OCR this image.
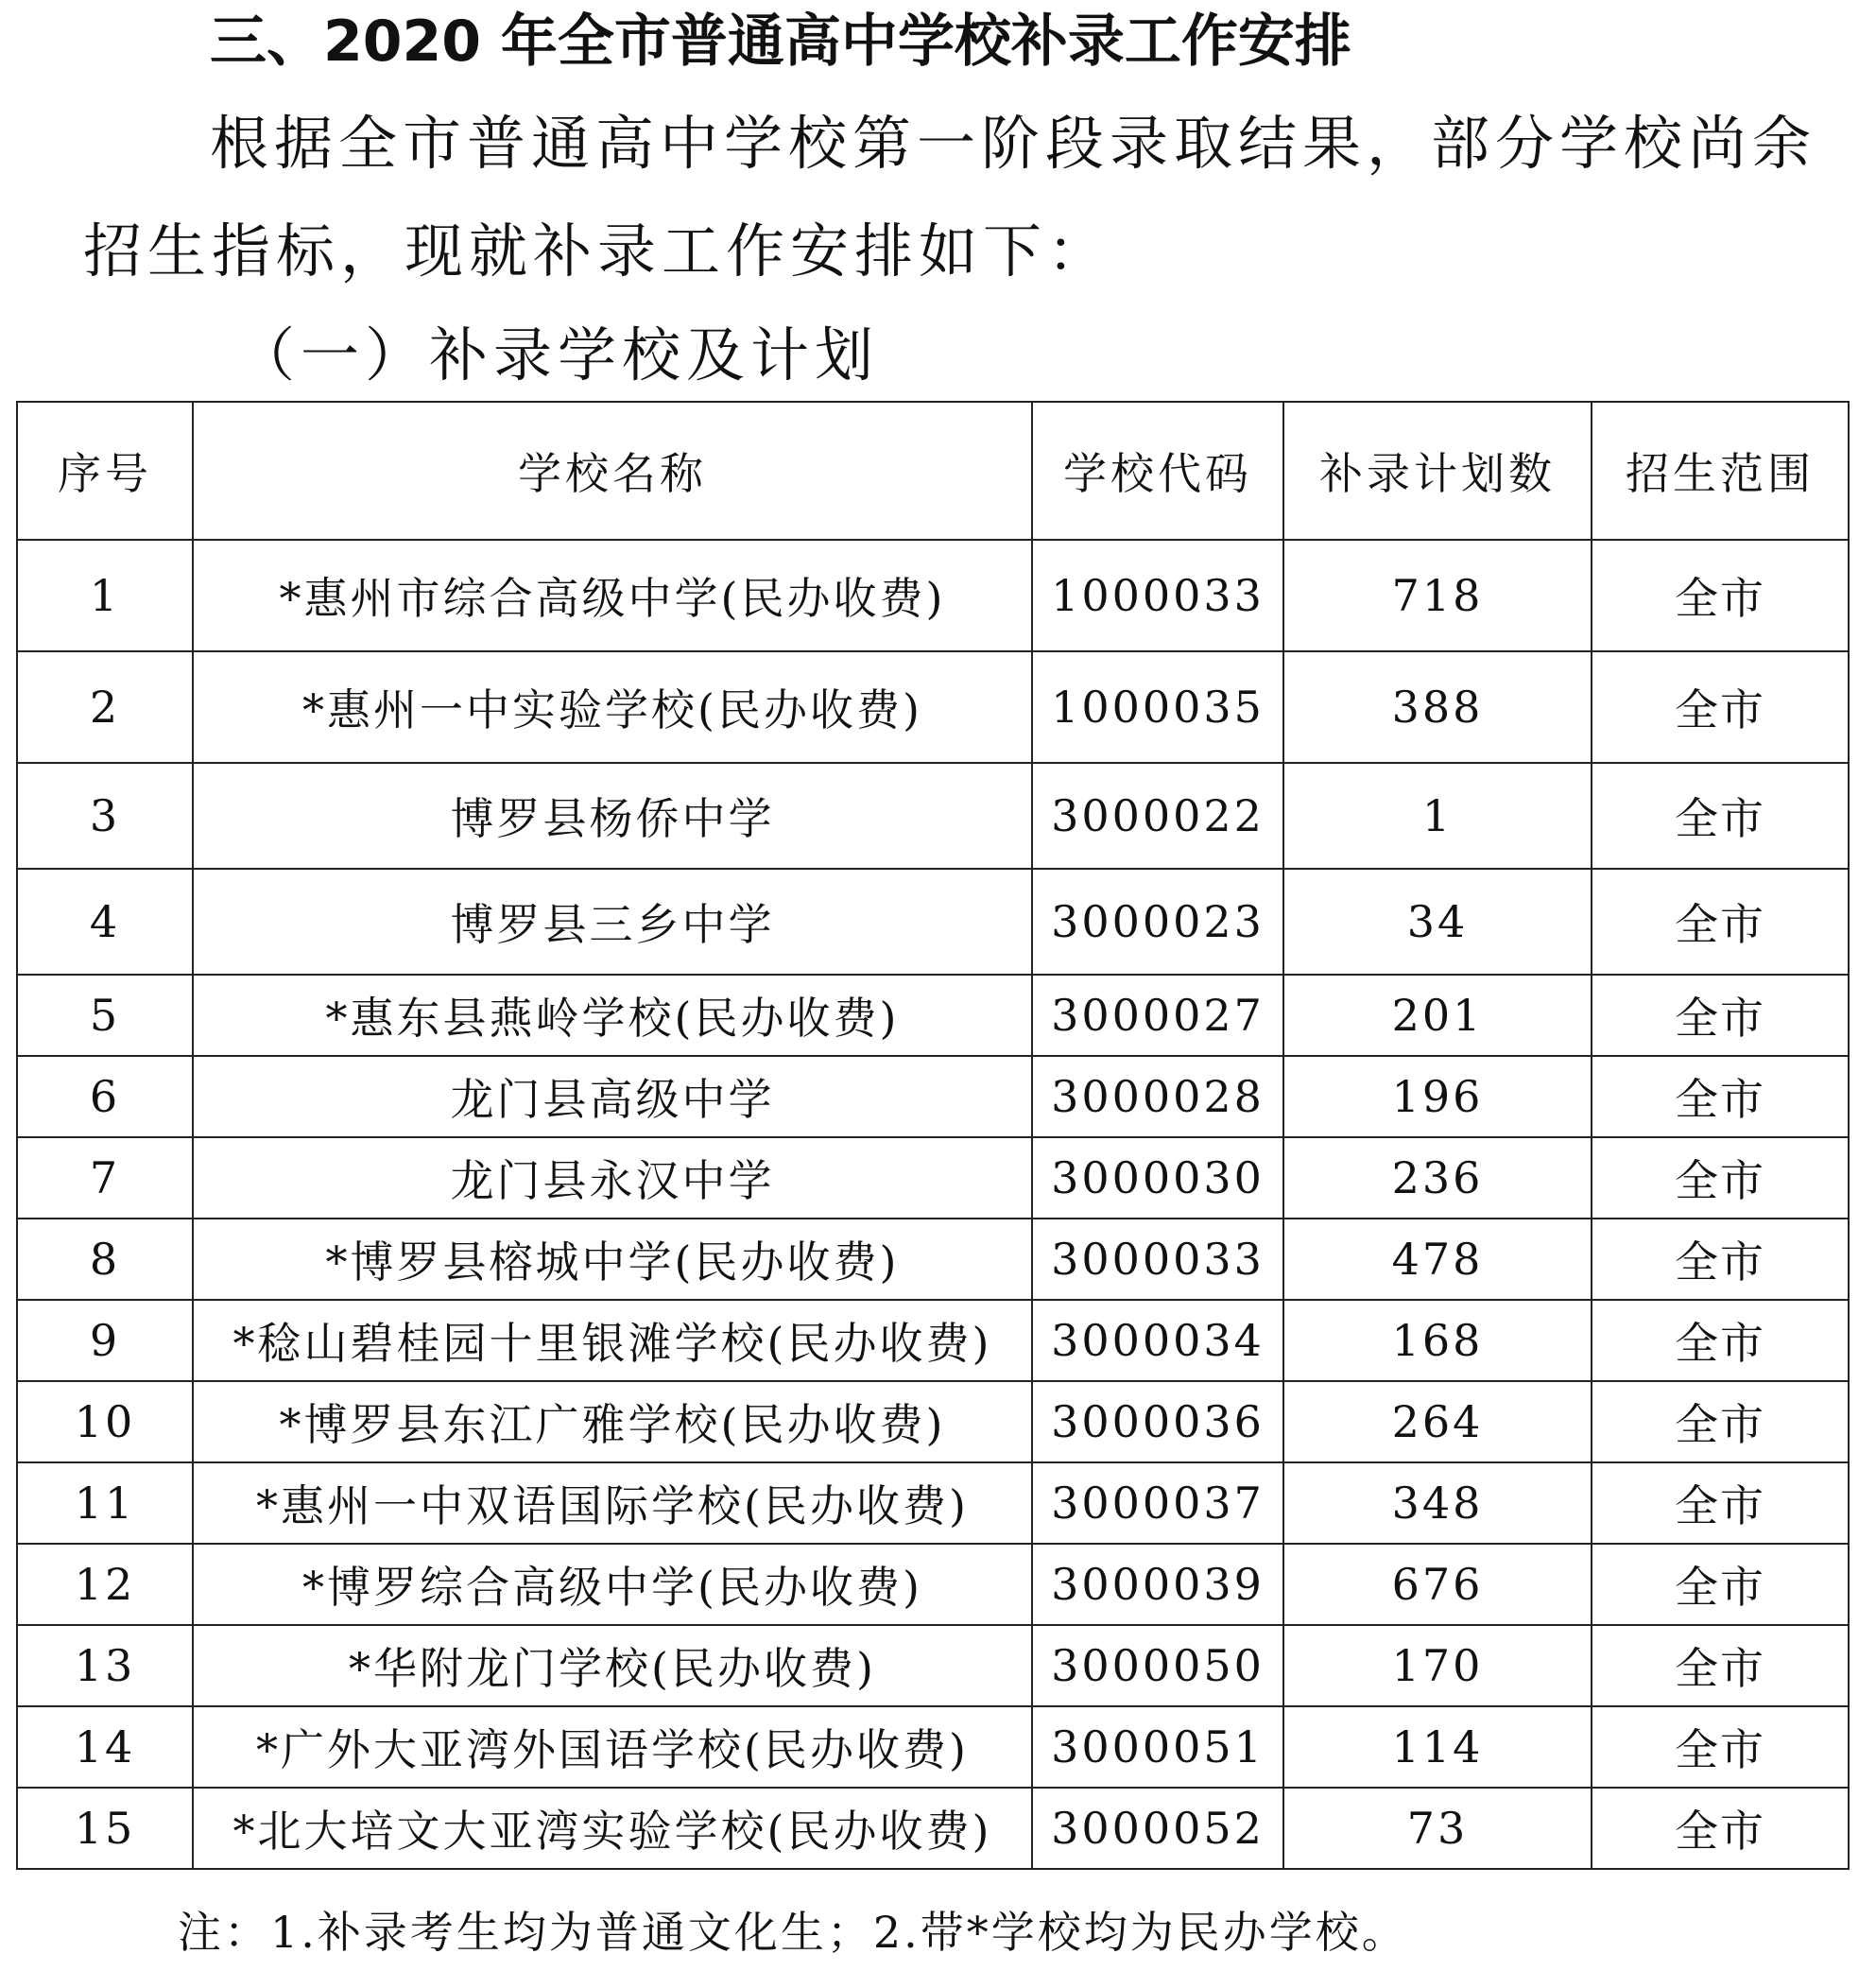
三、2020 年全市普通高中学校补录工作安排
根据全市普通高中学校第一阶段录取结果，部分学校尚余
招生指标，现就补录工作安排如下：
（一）补录学校及计划
序号	学校名称	学校代码	补录计划数	招生范围
1	*惠州市综合高级中学(民办收费)	1000033	718	全市
2	*惠州一中实验学校(民办收费)	1000035	388	全市
3	博罗县杨侨中学	3000022	1	全市
4	博罗县三乡中学	3000023	34	全市
5	*惠东县燕岭学校(民办收费)	3000027	201	全市
6	龙门县高级中学	3000028	196	全市
7	龙门县永汉中学	3000030	236	全市
8	*博罗县榕城中学(民办收费)	3000033	478	全市
9	*稔山碧桂园十里银滩学校(民办收费)	3000034	168	全市
10	*博罗县东江广雅学校(民办收费)	3000036	264	全市
11	*惠州一中双语国际学校(民办收费)	3000037	348	全市
12	*博罗综合高级中学(民办收费)	3000039	676	全市
13	*华附龙门学校(民办收费)	3000050	170	全市
14	*广外大亚湾外国语学校(民办收费)	3000051	114	全市
15	*北大培文大亚湾实验学校(民办收费)	3000052	73	全市
注：1.补录考生均为普通文化生；2.带*学校均为民办学校。
